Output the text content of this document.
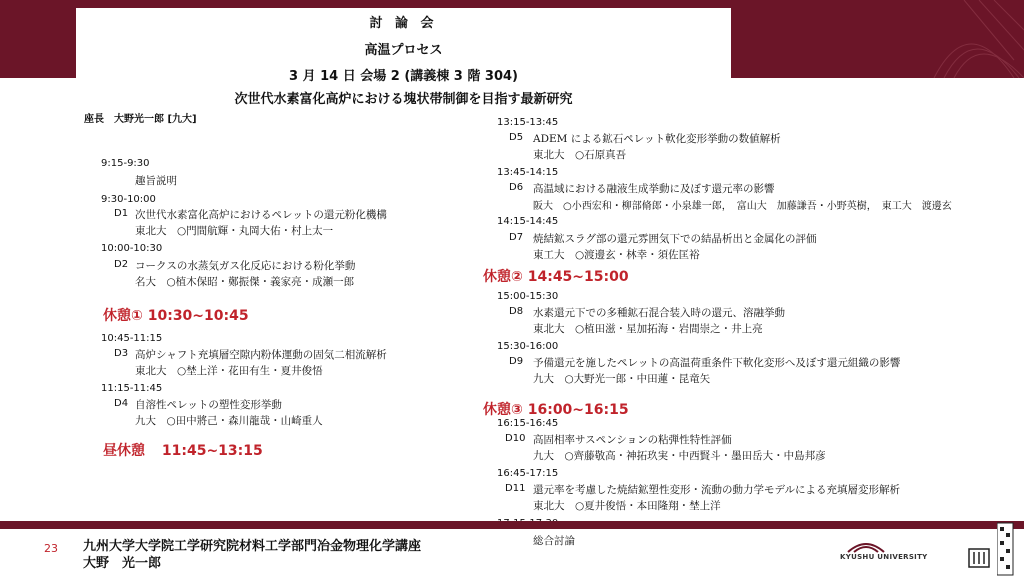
討 論 会
高温プロセス
3 月 14 日 会場 2 (講義棟 3 階 304)
次世代水素富化高炉における塊状帯制御を目指す最新研究
座長　大野光一郎 [九大]
9:15-9:30
趣旨説明
9:30-10:00
D1 次世代水素富化高炉におけるペレットの還元粉化機構
東北大　○門間航輝・丸岡大佑・村上太一
10:00-10:30
D2 コークスの水蒸気ガス化反応における粉化挙動
名大　○植木保昭・鄭振傑・義家亮・成瀬一郎
休憩① 10:30~10:45
10:45-11:15
D3 高炉シャフト充填層空隙内粉体運動の固気二相流解析
東北大　○埜上洋・花田有生・夏井俊悟
11:15-11:45
D4 自溶性ペレットの塑性変形挙動
九大　○田中將己・森川龍哉・山崎重人
昼休憩 11:45~13:15
13:15-13:45
D5 ADEM による鉱石ペレット軟化変形挙動の数値解析
東北大　○石原真吾
13:45-14:15
D6 高温域における融液生成挙動に及ぼす還元率の影響
阪大　○小西宏和・柳部脩郎・小泉雄一郎，　富山大　加藤謙吾・小野英樹，　東工大　渡邊玄
14:15-14:45
D7 焼結鉱スラグ部の還元雰囲気下での結晶析出と金属化の評価
東工大　○渡邊玄・林幸・須佐匡裕
休憩② 14:45~15:00
15:00-15:30
D8 水素還元下での多種鉱石混合装入時の還元、溶融挙動
東北大　○植田滋・星加拓海・岩間崇之・井上亮
15:30-16:00
D9 予備還元を施したペレットの高温荷重条件下軟化変形へ及ぼす還元組織の影響
九大　○大野光一郎・中田蓮・昆竜矢
休憩③ 16:00~16:15
16:15-16:45
D10 高固相率サスペンションの粘弾性特性評価
九大　○齊藤敬高・神拓玖実・中西賢斗・墨田岳大・中島邦彦
16:45-17:15
D11 還元率を考慮した焼結鉱塑性変形・流動の動力学モデルによる充填層変形解析
東北大　○夏井俊悟・本田隆翔・埜上洋
総合討論
23 九州大学大学院工学研究院材料工学部門冶金物理化学講座
大野　光一郎	KYUSHU UNIVERSITY
